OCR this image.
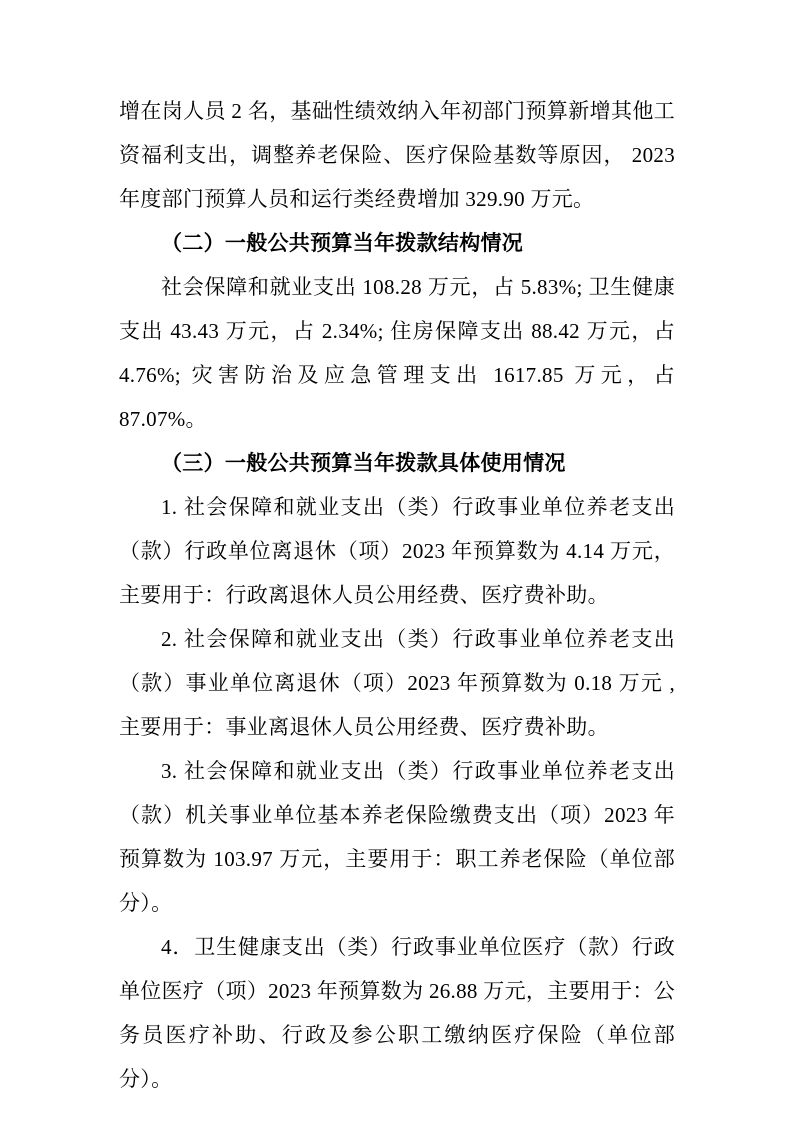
增在岗人员 2 名，基础性绩效纳入年初部门预算新增其他工资福利支出，调整养老保险、医疗保险基数等原因， 2023 年度部门预算人员和运行类经费增加 329.90 万元。

（二）一般公共预算当年拨款结构情况

社会保障和就业支出 108.28 万元，占 5.83%; 卫生健康支出 43.43 万元，占 2.34%; 住房保障支出 88.42 万元，占 4.76%; 灾害防治及应急管理支出 1617.85 万元，占 87.07%。

（三）一般公共预算当年拨款具体使用情况

1. 社会保障和就业支出（类）行政事业单位养老支出（款）行政单位离退休（项）2023 年预算数为 4.14 万元，主要用于：行政离退休人员公用经费、医疗费补助。

2. 社会保障和就业支出（类）行政事业单位养老支出（款）事业单位离退休（项）2023 年预算数为 0.18 万元 ,主要用于：事业离退休人员公用经费、医疗费补助。

3. 社会保障和就业支出（类）行政事业单位养老支出（款）机关事业单位基本养老保险缴费支出（项）2023 年预算数为 103.97 万元，主要用于：职工养老保险（单位部分）。

4．卫生健康支出（类）行政事业单位医疗（款）行政单位医疗（项）2023 年预算数为 26.88 万元，主要用于：公务员医疗补助、行政及参公职工缴纳医疗保险（单位部分）。
